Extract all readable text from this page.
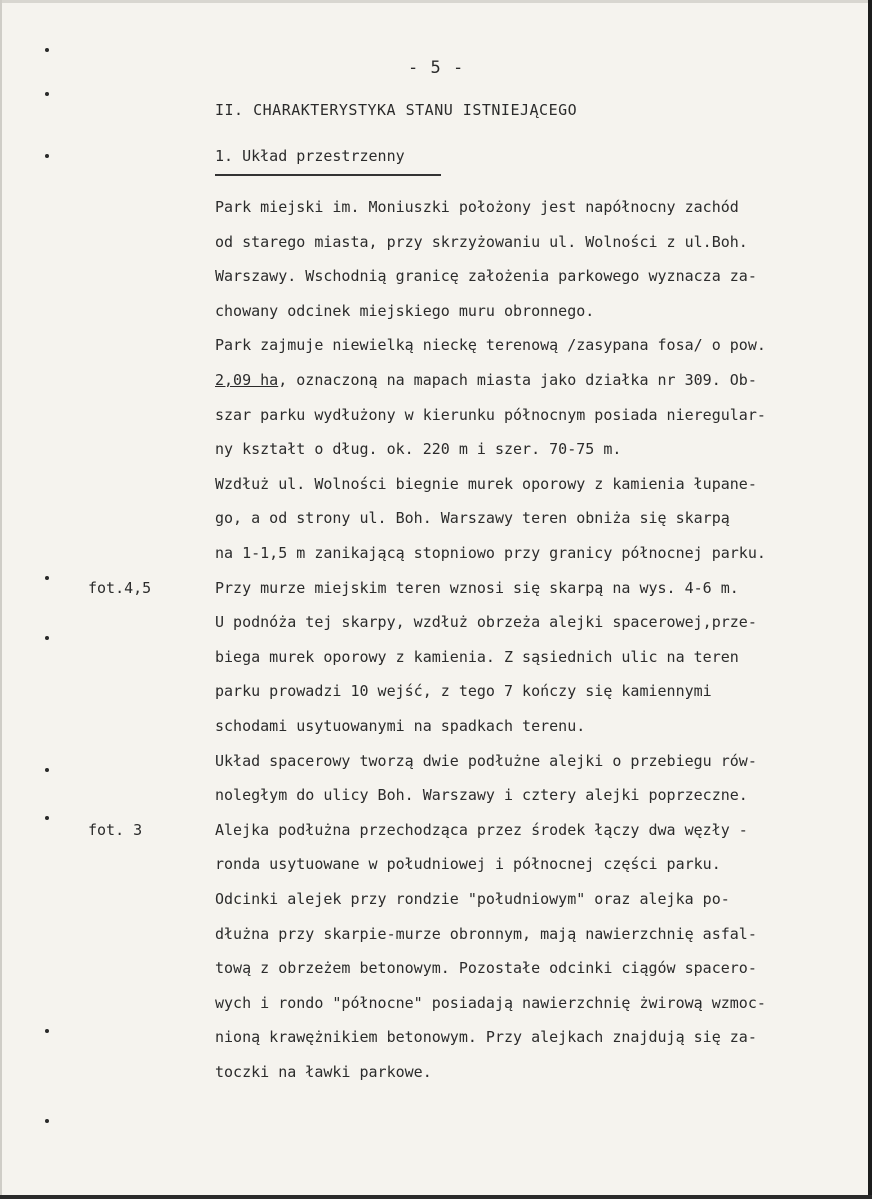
- 5 -
II. CHARAKTERYSTYKA STANU ISTNIEJĄCEGO
1. Układ przestrzenny
Park miejski im. Moniuszki położony jest napółnocny zachód
od starego miasta, przy skrzyżowaniu ul. Wolności z ul.Boh.
Warszawy. Wschodnią granicę założenia parkowego wyznacza za-
chowany odcinek miejskiego muru obronnego.
Park zajmuje niewielką nieckę terenową /zasypana fosa/ o pow.
2,09 ha, oznaczoną na mapach miasta jako działka nr 309. Ob-
szar parku wydłużony w kierunku północnym posiada nieregular-
ny kształt o dług. ok. 220 m i szer. 70-75 m.
Wzdłuż ul. Wolności biegnie murek oporowy z kamienia łupane-
go, a od strony ul. Boh. Warszawy teren obniża się skarpą
na 1-1,5 m zanikającą stopniowo przy granicy północnej parku.
Przy murze miejskim teren wznosi się skarpą na wys. 4-6 m.
U podnóża tej skarpy, wzdłuż obrzeża alejki spacerowej,prze-
biega murek oporowy z kamienia. Z sąsiednich ulic na teren
parku prowadzi 10 wejść, z tego 7 kończy się kamiennymi
schodami usytuowanymi na spadkach terenu.
Układ spacerowy tworzą dwie podłużne alejki o przebiegu rów-
noległym do ulicy Boh. Warszawy i cztery alejki poprzeczne.
Alejka podłużna przechodząca przez środek łączy dwa węzły -
ronda usytuowane w południowej i północnej części parku.
Odcinki alejek przy rondzie "południowym" oraz alejka po-
dłużna przy skarpie-murze obronnym, mają nawierzchnię asfal-
tową z obrzeżem betonowym. Pozostałe odcinki ciągów spacero-
wych i rondo "północne" posiadają nawierzchnię żwirową wzmoc-
nioną krawężnikiem betonowym. Przy alejkach znajdują się za-
toczki na ławki parkowe.
fot.4,5
fot. 3
